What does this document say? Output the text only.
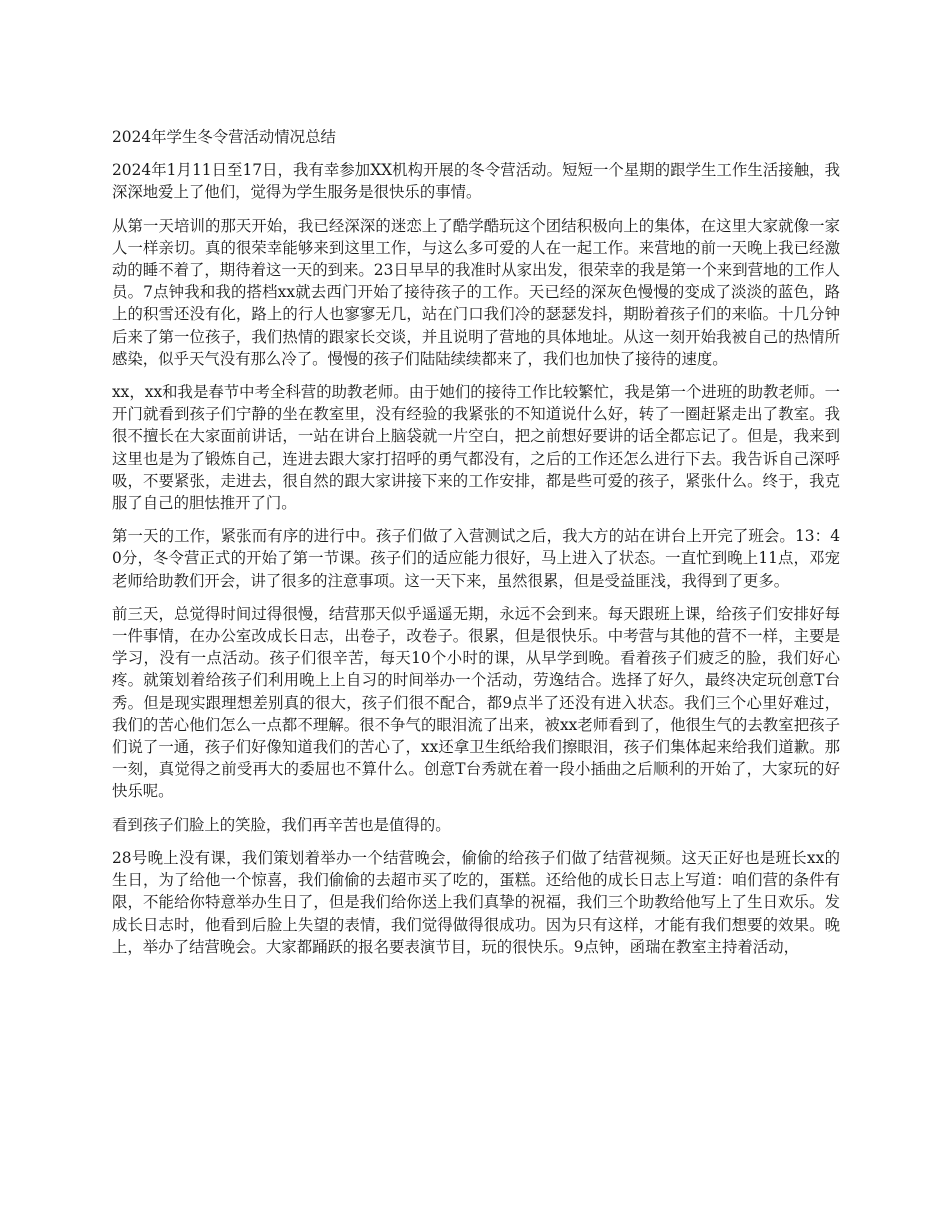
2024年学生冬令营活动情况总结

2024年1月11日至17日，我有幸参加XX机构开展的冬令营活动。短短一个星期的跟学生工作生活接触，我深深地爱上了他们，觉得为学生服务是很快乐的事情。

从第一天培训的那天开始，我已经深深的迷恋上了酷学酷玩这个团结积极向上的集体，在这里大家就像一家人一样亲切。真的很荣幸能够来到这里工作，与这么多可爱的人在一起工作。来营地的前一天晚上我已经激动的睡不着了，期待着这一天的到来。23日早早的我准时从家出发，很荣幸的我是第一个来到营地的工作人员。7点钟我和我的搭档xx就去西门开始了接待孩子的工作。天已经的深灰色慢慢的变成了淡淡的蓝色，路上的积雪还没有化，路上的行人也寥寥无几，站在门口我们冷的瑟瑟发抖，期盼着孩子们的来临。十几分钟后来了第一位孩子，我们热情的跟家长交谈，并且说明了营地的具体地址。从这一刻开始我被自己的热情所感染，似乎天气没有那么冷了。慢慢的孩子们陆陆续续都来了，我们也加快了接待的速度。

xx，xx和我是春节中考全科营的助教老师。由于她们的接待工作比较繁忙，我是第一个进班的助教老师。一开门就看到孩子们宁静的坐在教室里，没有经验的我紧张的不知道说什么好，转了一圈赶紧走出了教室。我很不擅长在大家面前讲话，一站在讲台上脑袋就一片空白，把之前想好要讲的话全都忘记了。但是，我来到这里也是为了锻炼自己，连进去跟大家打招呼的勇气都没有，之后的工作还怎么进行下去。我告诉自己深呼吸，不要紧张，走进去，很自然的跟大家讲接下来的工作安排，都是些可爱的孩子，紧张什么。终于，我克服了自己的胆怯推开了门。

第一天的工作，紧张而有序的进行中。孩子们做了入营测试之后，我大方的站在讲台上开完了班会。13：40分，冬令营正式的开始了第一节课。孩子们的适应能力很好，马上进入了状态。一直忙到晚上11点，邓宠老师给助教们开会，讲了很多的注意事项。这一天下来，虽然很累，但是受益匪浅，我得到了更多。

前三天，总觉得时间过得很慢，结营那天似乎遥遥无期，永远不会到来。每天跟班上课，给孩子们安排好每一件事情，在办公室改成长日志，出卷子，改卷子。很累，但是很快乐。中考营与其他的营不一样，主要是学习，没有一点活动。孩子们很辛苦，每天10个小时的课，从早学到晚。看着孩子们疲乏的脸，我们好心疼。就策划着给孩子们利用晚上上自习的时间举办一个活动，劳逸结合。选择了好久，最终决定玩创意T台秀。但是现实跟理想差别真的很大，孩子们很不配合，都9点半了还没有进入状态。我们三个心里好难过，我们的苦心他们怎么一点都不理解。很不争气的眼泪流了出来，被xx老师看到了，他很生气的去教室把孩子们说了一通，孩子们好像知道我们的苦心了，xx还拿卫生纸给我们擦眼泪，孩子们集体起来给我们道歉。那一刻，真觉得之前受再大的委屈也不算什么。创意T台秀就在着一段小插曲之后顺利的开始了，大家玩的好快乐呢。

看到孩子们脸上的笑脸，我们再辛苦也是值得的。

28号晚上没有课，我们策划着举办一个结营晚会，偷偷的给孩子们做了结营视频。这天正好也是班长xx的生日，为了给他一个惊喜，我们偷偷的去超市买了吃的，蛋糕。还给他的成长日志上写道：咱们营的条件有限，不能给你特意举办生日了，但是我们给你送上我们真挚的祝福，我们三个助教给他写上了生日欢乐。发成长日志时，他看到后脸上失望的表情，我们觉得做得很成功。因为只有这样，才能有我们想要的效果。晚上，举办了结营晚会。大家都踊跃的报名要表演节目，玩的很快乐。9点钟，函瑞在教室主持着活动，
